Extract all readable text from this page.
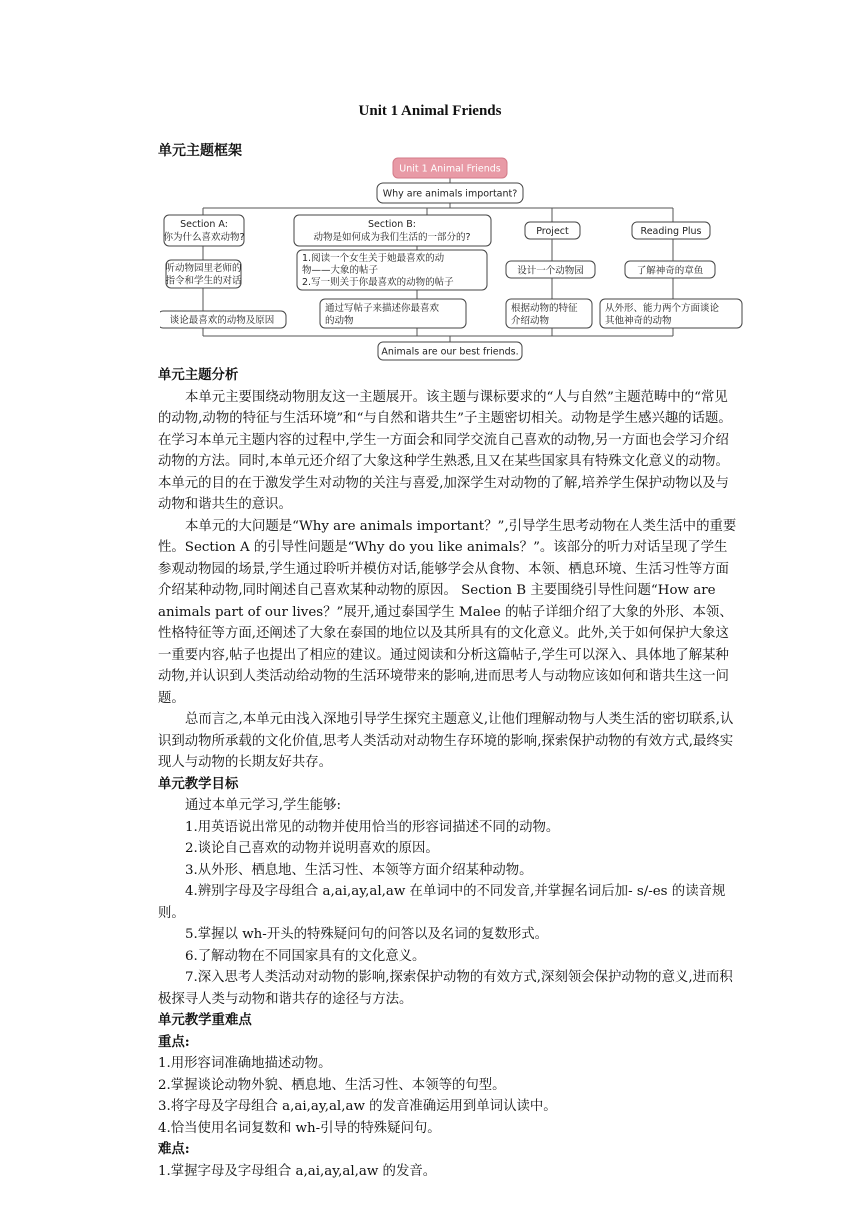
Unit 1 Animal Friends
单元主题框架
Unit 1 Animal Friends
Why are animals important?
Section A:
你为什么喜欢动物?
听动物园里老师的
指令和学生的对话
谈论最喜欢的动物及原因
Section B:
动物是如何成为我们生活的一部分的?
1.阅读一个女生关于她最喜欢的动
物——大象的帖子
2.写一则关于你最喜欢的动物的帖子
通过写帖子来描述你最喜欢
的动物
Project
设计一个动物园
根据动物的特征
介绍动物
Reading Plus
了解神奇的章鱼
从外形、能力两个方面谈论
其他神奇的动物
Animals are our best friends.

单元主题分析

本单元主要围绕动物朋友这一主题展开。该主题与课标要求的“人与自然”主题范畴中的“常见的动物,动物的特征与生活环境”和“与自然和谐共生”子主题密切相关。动物是学生感兴趣的话题。在学习本单元主题内容的过程中,学生一方面会和同学交流自己喜欢的动物,另一方面也会学习介绍动物的方法。同时,本单元还介绍了大象这种学生熟悉,且又在某些国家具有特殊文化意义的动物。本单元的目的在于激发学生对动物的关注与喜爱,加深学生对动物的了解,培养学生保护动物以及与动物和谐共生的意识。

本单元的大问题是“Why are animals important？”,引导学生思考动物在人类生活中的重要性。Section A 的引导性问题是“Why do you like animals？”。该部分的听力对话呈现了学生参观动物园的场景,学生通过聆听并模仿对话,能够学会从食物、本领、栖息环境、生活习性等方面介绍某种动物,同时阐述自己喜欢某种动物的原因。 Section B 主要围绕引导性问题“How are animals part of our lives？”展开,通过泰国学生 Malee 的帖子详细介绍了大象的外形、本领、性格特征等方面,还阐述了大象在泰国的地位以及其所具有的文化意义。此外,关于如何保护大象这一重要内容,帖子也提出了相应的建议。通过阅读和分析这篇帖子,学生可以深入、具体地了解某种动物,并认识到人类活动给动物的生活环境带来的影响,进而思考人与动物应该如何和谐共生这一问题。

总而言之,本单元由浅入深地引导学生探究主题意义,让他们理解动物与人类生活的密切联系,认识到动物所承载的文化价值,思考人类活动对动物生存环境的影响,探索保护动物的有效方式,最终实现人与动物的长期友好共存。

单元教学目标

通过本单元学习,学生能够:

1.用英语说出常见的动物并使用恰当的形容词描述不同的动物。

2.谈论自己喜欢的动物并说明喜欢的原因。

3.从外形、栖息地、生活习性、本领等方面介绍某种动物。

4.辨别字母及字母组合 a,ai,ay,al,aw 在单词中的不同发音,并掌握名词后加- s/-es 的读音规则。

5.掌握以 wh-开头的特殊疑问句的问答以及名词的复数形式。

6.了解动物在不同国家具有的文化意义。

7.深入思考人类活动对动物的影响,探索保护动物的有效方式,深刻领会保护动物的意义,进而积极探寻人类与动物和谐共存的途径与方法。

单元教学重难点

重点:

1.用形容词准确地描述动物。

2.掌握谈论动物外貌、栖息地、生活习性、本领等的句型。

3.将字母及字母组合 a,ai,ay,al,aw 的发音准确运用到单词认读中。

4.恰当使用名词复数和 wh-引导的特殊疑问句。

难点:

1.掌握字母及字母组合 a,ai,ay,al,aw 的发音。
